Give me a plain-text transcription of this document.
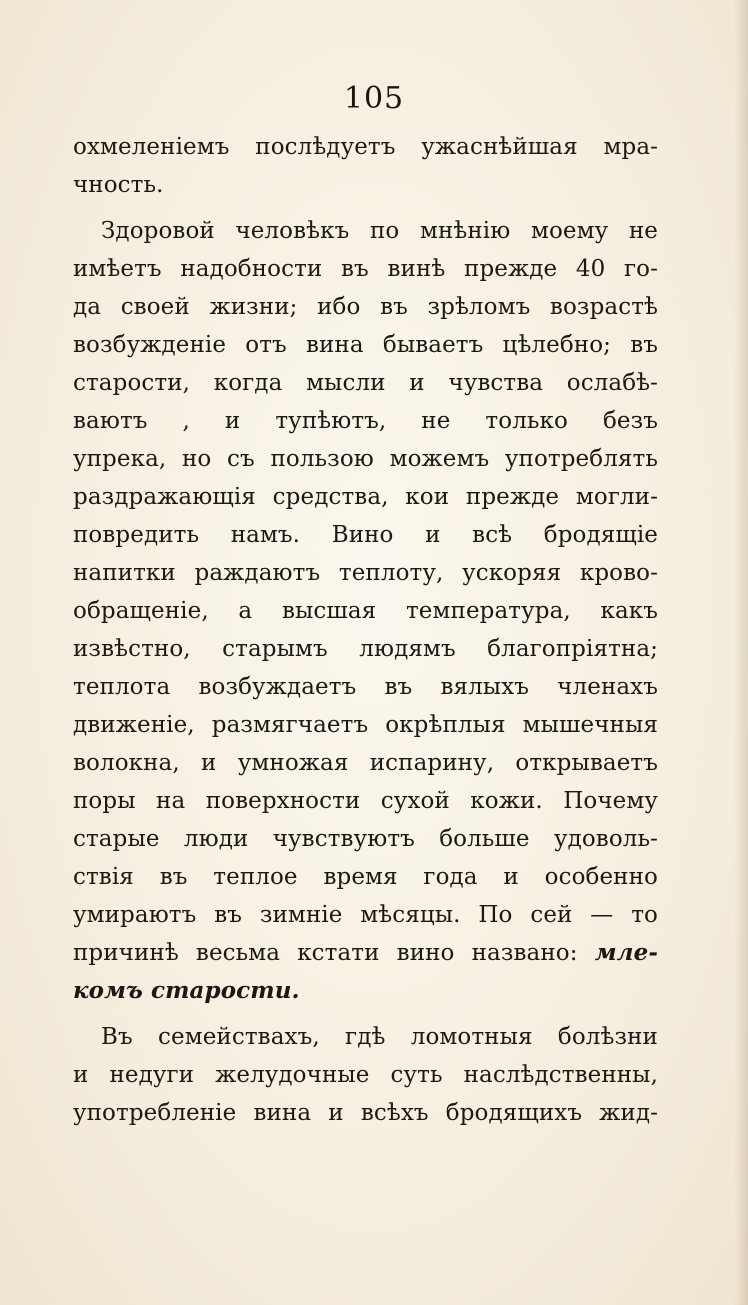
105
охмеленіемъ послѣдуетъ ужаснѣйшая мра-
чность.
Здоровой человѣкъ по мнѣнію моему не
имѣетъ надобности въ винѣ прежде 40 го-
да своей жизни; ибо въ зрѣломъ возрастѣ
возбужденіе отъ вина бываетъ цѣлебно; въ
старости, когда мысли и чувства ослабѣ-
ваютъ , и тупѣютъ, не только безъ
упрека, но съ пользою можемъ употреблять
раздражающія средства, кои прежде могли-
повредить намъ. Вино и всѣ бродящіе
напитки раждаютъ теплоту, ускоряя крово-
обращеніе, а высшая температура, какъ
извѣстно, старымъ людямъ благопріятна;
теплота возбуждаетъ въ вялыхъ членахъ
движеніе, размягчаетъ окрѣплыя мышечныя
волокна, и умножая испарину, открываетъ
поры на поверхности сухой кожи. Почему
старые люди чувствуютъ больше удоволь-
ствія въ теплое время года и особенно
умираютъ въ зимніе мѣсяцы. По сей — то
причинѣ весьма кстати вино названо: мле-
комъ старости.
Въ семействахъ, гдѣ ломотныя болѣзни
и недуги желудочные суть наслѣдственны,
употребленіе вина и всѣхъ бродящихъ жид-
